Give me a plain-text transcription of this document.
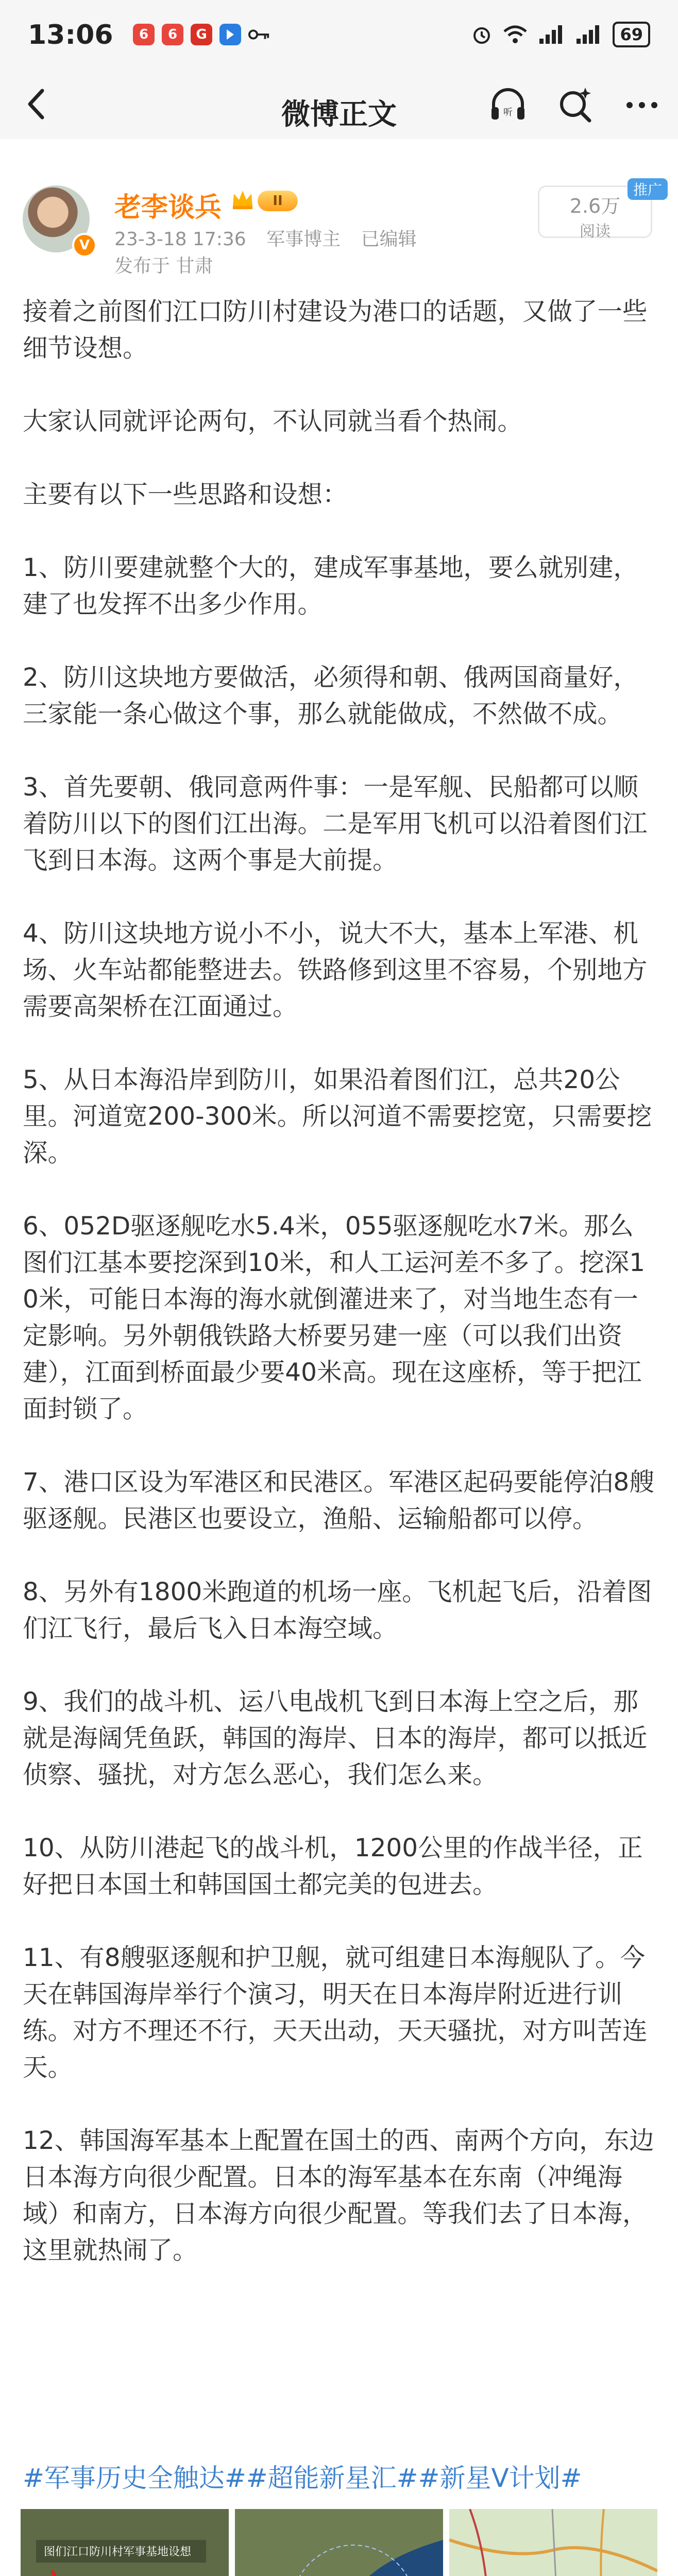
13:06	6	6	G	69
微博正文	听
V
老李谈兵	II
23-3-18 17:36 军事博主 已编辑
发布于 甘肃
2.6万
阅读
推广

接着之前图们江口防川村建设为港口的话题，又做了一些细节设想。

大家认同就评论两句，不认同就当看个热闹。

主要有以下一些思路和设想：

1、防川要建就整个大的，建成军事基地，要么就别建，建了也发挥不出多少作用。

2、防川这块地方要做活，必须得和朝、俄两国商量好，三家能一条心做这个事，那么就能做成，不然做不成。

3、首先要朝、俄同意两件事：一是军舰、民船都可以顺着防川以下的图们江出海。二是军用飞机可以沿着图们江飞到日本海。这两个事是大前提。

4、防川这块地方说小不小，说大不大，基本上军港、机场、火车站都能整进去。铁路修到这里不容易，个别地方需要高架桥在江面通过。

5、从日本海沿岸到防川，如果沿着图们江，总共20公里。河道宽200-300米。所以河道不需要挖宽，只需要挖深。

6、052D驱逐舰吃水5.4米，055驱逐舰吃水7米。那么图们江基本要挖深到10米，和人工运河差不多了。挖深10米，可能日本海的海水就倒灌进来了，对当地生态有一定影响。另外朝俄铁路大桥要另建一座（可以我们出资建），江面到桥面最少要40米高。现在这座桥，等于把江面封锁了。

7、港口区设为军港区和民港区。军港区起码要能停泊8艘驱逐舰。民港区也要设立，渔船、运输船都可以停。

8、另外有1800米跑道的机场一座。飞机起飞后，沿着图们江飞行，最后飞入日本海空域。

9、我们的战斗机、运八电战机飞到日本海上空之后，那就是海阔凭鱼跃，韩国的海岸、日本的海岸，都可以抵近侦察、骚扰，对方怎么恶心，我们怎么来。

10、从防川港起飞的战斗机，1200公里的作战半径，正好把日本国土和韩国国土都完美的包进去。

11、有8艘驱逐舰和护卫舰，就可组建日本海舰队了。今天在韩国海岸举行个演习，明天在日本海岸附近进行训练。对方不理还不行，天天出动，天天骚扰，对方叫苦连天。

12、韩国海军基本上配置在国土的西、南两个方向，东边日本海方向很少配置。日本的海军基本在东南（冲绳海域）和南方，日本海方向很少配置。等我们去了日本海，这里就热闹了。

#军事历史全触达##超能新星汇##新星V计划#
图们江口防川村军事基地设想
